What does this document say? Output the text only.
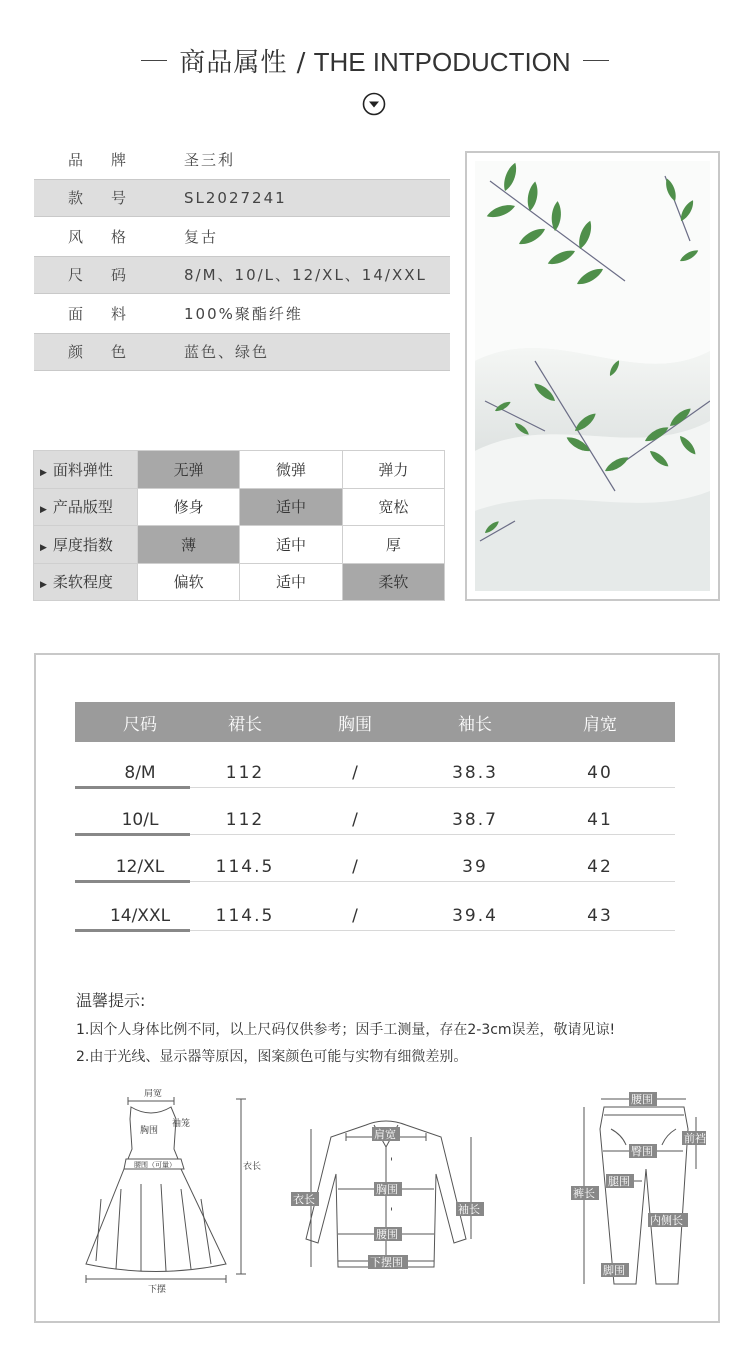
商品属性 / THE INTPODUCTION
品牌	圣三利
款号	SL2027241
风格	复古
尺码	8/M、10/L、12/XL、14/XXL
面料	100%聚酯纤维
颜色	蓝色、绿色
▶ 面料弹性	无弹	微弹	弹力
▶ 产品版型	修身	适中	宽松
▶ 厚度指数	薄	适中	厚
▶ 柔软程度	偏软	适中	柔软
尺码	裙长	胸围	袖长	肩宽
8/M	112	/	38.3	40
10/L	112	/	38.7	41
12/XL	114.5	/	39	42
14/XXL	114.5	/	39.4	43
温馨提示:
1.因个人身体比例不同，以上尺码仅供参考；因手工测量，存在2-3cm误差，敬请见谅!
2.由于光线、显示器等原因，图案颜色可能与实物有细微差别。
肩宽
胸围
袖笼
腰围（可量）	衣长
下摆
肩宽
衣长
胸围
袖长
腰围
下摆围
腰围
前裆
臀围
腿围
裤长
内侧长
脚围
